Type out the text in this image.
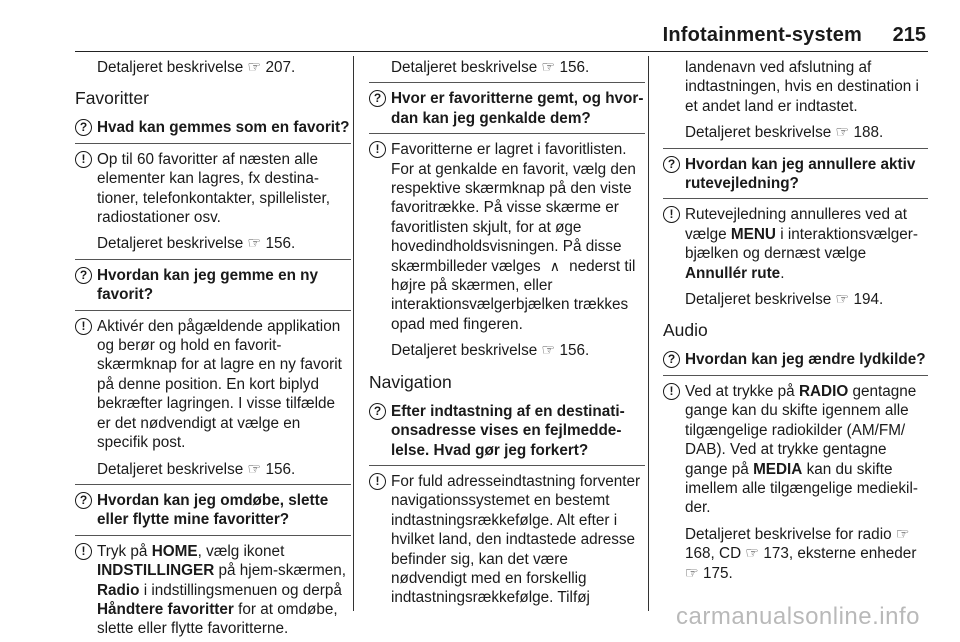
Infotainment-system 215
Detaljeret beskrivelse ☞ 207.
Favoritter
? Hvad kan gemmes som en favorit?
! Op til 60 favoritter af næsten alle elementer kan lagres, fx destinationer, telefonkontakter, spillelister, radiostationer osv.
Detaljeret beskrivelse ☞ 156.
? Hvordan kan jeg gemme en ny favorit?
! Aktivér den pågældende applikation og berør og hold en favoritskærmknap for at lagre en ny favorit på denne position. En kort biplyd bekræfter lagringen. I visse tilfælde er det nødvendigt at vælge en specifik post.
Detaljeret beskrivelse ☞ 156.
? Hvordan kan jeg omdøbe, slette eller flytte mine favoritter?
! Tryk på HOME, vælg ikonet INDSTILLINGER på hjem-skærmen, Radio i indstillingsmenuen og derpå Håndtere favoritter for at omdøbe, slette eller flytte favoritterne.
Detaljeret beskrivelse ☞ 156.
? Hvor er favoritterne gemt, og hvordan kan jeg genkalde dem?
! Favoritterne er lagret i favoritlisten. For at genkalde en favorit, vælg den respektive skærmknap på den viste favoritrække. På visse skærme er favoritlisten skjult, for at øge hovedindholdsvisningen. På disse skærmbilleder vælges ∧ nederst til højre på skærmen, eller interaktionsvælgerbjælken trækkes opad med fingeren.
Detaljeret beskrivelse ☞ 156.
Navigation
? Efter indtastning af en destinationsadresse vises en fejlmeddelelse. Hvad gør jeg forkert?
! For fuld adresseindtastning forventer navigationssystemet en bestemt indtastningsrækkefølge. Alt efter i hvilket land, den indtastede adresse befinder sig, kan det være nødvendigt med en forskellig indtastningsrækkefølge. Tilføj
landenavn ved afslutning af indtastningen, hvis en destination i et andet land er indtastet.
Detaljeret beskrivelse ☞ 188.
? Hvordan kan jeg annullere aktiv rutevejledning?
! Rutevejledning annulleres ved at vælge MENU i interaktionsvælgerbjælken og dernæst vælge Annullér rute.
Detaljeret beskrivelse ☞ 194.
Audio
? Hvordan kan jeg ændre lydkilde?
! Ved at trykke på RADIO gentagne gange kan du skifte igennem alle tilgængelige radiokilder (AM/FM/ DAB). Ved at trykke gentagne gange på MEDIA kan du skifte imellem alle tilgængelige mediekilder.
Detaljeret beskrivelse for radio ☞ 168, CD ☞ 173, eksterne enheder ☞ 175.
carmanualsonline.info
